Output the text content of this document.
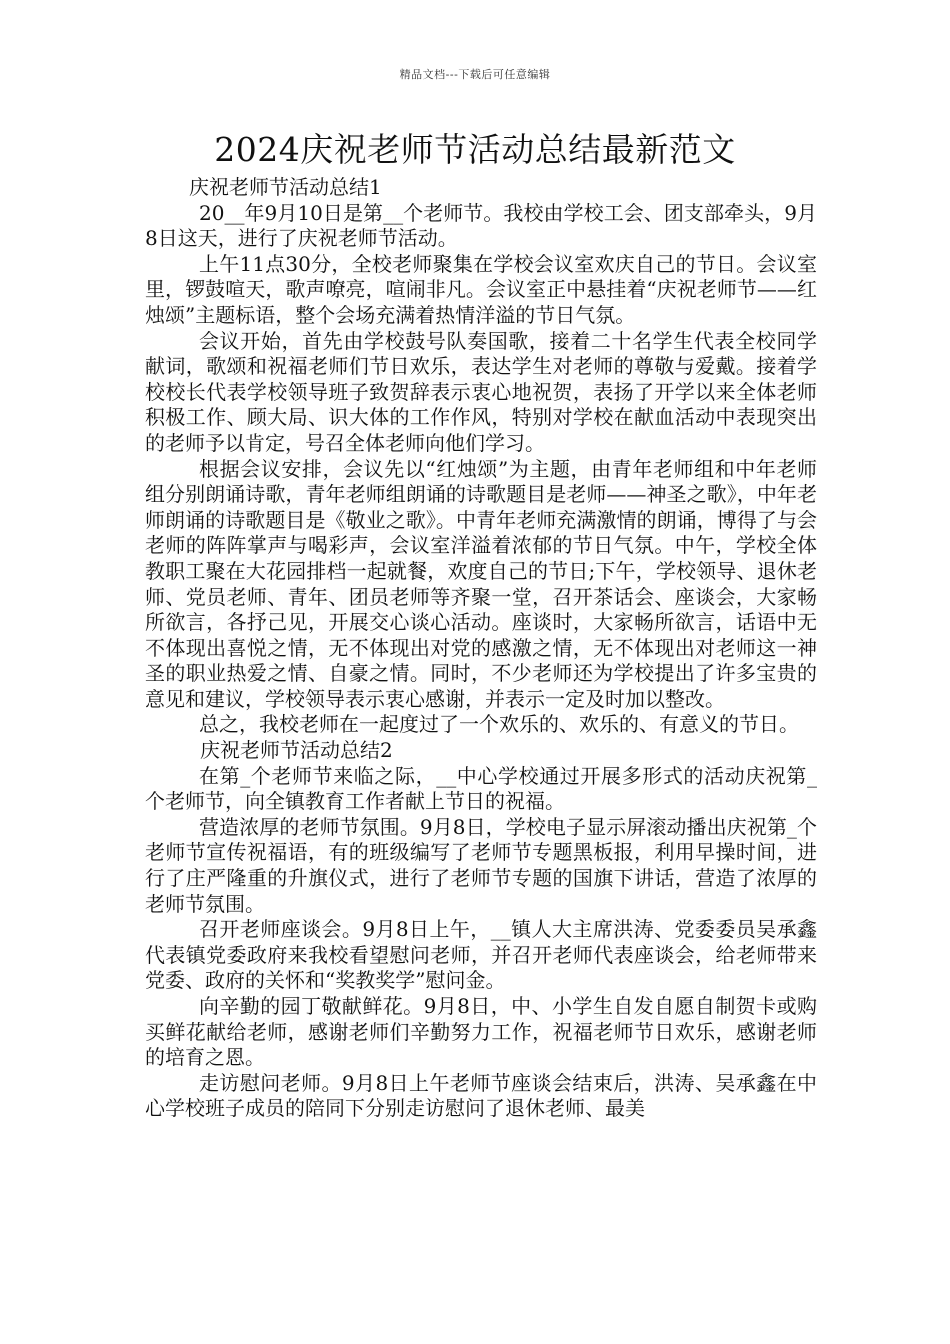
精品文档---下载后可任意编辑
2024庆祝老师节活动总结最新范文

庆祝老师节活动总结1

20__年9月10日是第__个老师节。我校由学校工会、团支部牵头，9月8日这天，进行了庆祝老师节活动。

上午11点30分，全校老师聚集在学校会议室欢庆自己的节日。会议室里，锣鼓喧天，歌声嘹亮，喧闹非凡。会议室正中悬挂着“庆祝老师节——红烛颂”主题标语，整个会场充满着热情洋溢的节日气氛。

会议开始，首先由学校鼓号队奏国歌，接着二十名学生代表全校同学献词，歌颂和祝福老师们节日欢乐，表达学生对老师的尊敬与爱戴。接着学校校长代表学校领导班子致贺辞表示衷心地祝贺，表扬了开学以来全体老师积极工作、顾大局、识大体的工作作风，特别对学校在献血活动中表现突出的老师予以肯定，号召全体老师向他们学习。

根据会议安排，会议先以“红烛颂”为主题，由青年老师组和中年老师组分别朗诵诗歌，青年老师组朗诵的诗歌题目是老师——神圣之歌》，中年老师朗诵的诗歌题目是《敬业之歌》。中青年老师充满激情的朗诵，博得了与会老师的阵阵掌声与喝彩声，会议室洋溢着浓郁的节日气氛。中午，学校全体教职工聚在大花园排档一起就餐，欢度自己的节日;下午，学校领导、退休老师、党员老师、青年、团员老师等齐聚一堂，召开茶话会、座谈会，大家畅所欲言，各抒己见，开展交心谈心活动。座谈时，大家畅所欲言，话语中无不体现出喜悦之情，无不体现出对党的感激之情，无不体现出对老师这一神圣的职业热爱之情、自豪之情。同时，不少老师还为学校提出了许多宝贵的意见和建议，学校领导表示衷心感谢，并表示一定及时加以整改。

总之，我校老师在一起度过了一个欢乐的、欢乐的、有意义的节日。

庆祝老师节活动总结2

在第_个老师节来临之际，__中心学校通过开展多形式的活动庆祝第_个老师节，向全镇教育工作者献上节日的祝福。

营造浓厚的老师节氛围。9月8日，学校电子显示屏滚动播出庆祝第_个老师节宣传祝福语，有的班级编写了老师节专题黑板报，利用早操时间，进行了庄严隆重的升旗仪式，进行了老师节专题的国旗下讲话，营造了浓厚的老师节氛围。

召开老师座谈会。9月8日上午，__镇人大主席洪涛、党委委员吴承鑫代表镇党委政府来我校看望慰问老师，并召开老师代表座谈会，给老师带来党委、政府的关怀和“奖教奖学”慰问金。

向辛勤的园丁敬献鲜花。9月8日，中、小学生自发自愿自制贺卡或购买鲜花献给老师，感谢老师们辛勤努力工作，祝福老师节日欢乐，感谢老师的培育之恩。

走访慰问老师。9月8日上午老师节座谈会结束后，洪涛、吴承鑫在中心学校班子成员的陪同下分别走访慰问了退休老师、最美
